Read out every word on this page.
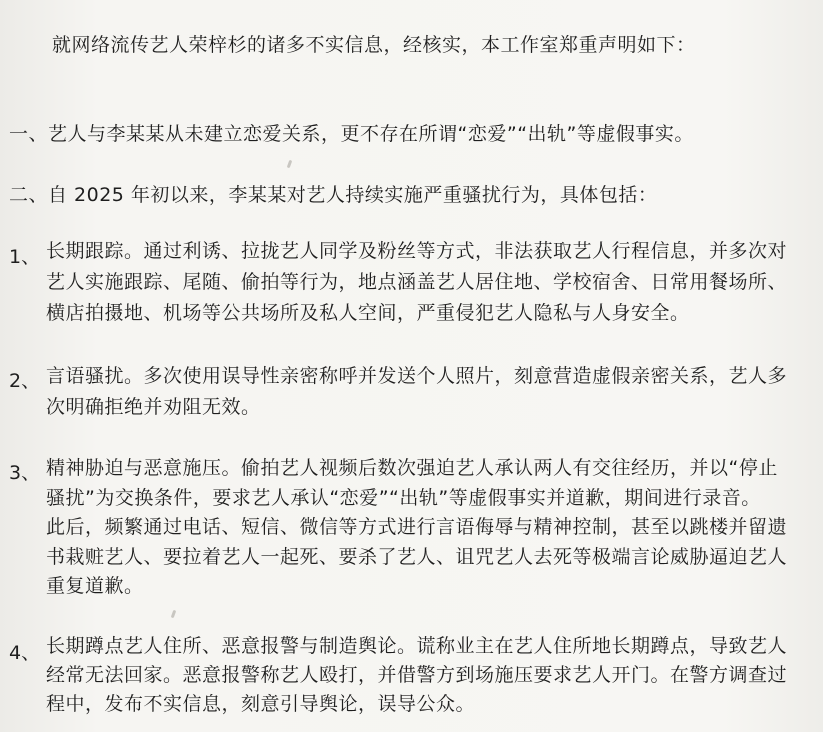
就网络流传艺人荣梓杉的诸多不实信息，经核实，本工作室郑重声明如下：
一、艺人与李某某从未建立恋爱关系，更不存在所谓“恋爱”“出轨”等虚假事实。
二、自 2025 年初以来，李某某对艺人持续实施严重骚扰行为，具体包括：
1、 长期跟踪。通过利诱、拉拢艺人同学及粉丝等方式，非法获取艺人行程信息，并多次对
艺人实施跟踪、尾随、偷拍等行为，地点涵盖艺人居住地、学校宿舍、日常用餐场所、
横店拍摄地、机场等公共场所及私人空间，严重侵犯艺人隐私与人身安全。
2、 言语骚扰。多次使用误导性亲密称呼并发送个人照片，刻意营造虚假亲密关系，艺人多
次明确拒绝并劝阻无效。
3、 精神胁迫与恶意施压。偷拍艺人视频后数次强迫艺人承认两人有交往经历，并以“停止
骚扰”为交换条件，要求艺人承认“恋爱”“出轨”等虚假事实并道歉，期间进行录音。
此后，频繁通过电话、短信、微信等方式进行言语侮辱与精神控制，甚至以跳楼并留遗
书栽赃艺人、要拉着艺人一起死、要杀了艺人、诅咒艺人去死等极端言论威胁逼迫艺人
重复道歉。
4、 长期蹲点艺人住所、恶意报警与制造舆论。谎称业主在艺人住所地长期蹲点，导致艺人
经常无法回家。恶意报警称艺人殴打，并借警方到场施压要求艺人开门。在警方调查过
程中，发布不实信息，刻意引导舆论，误导公众。
